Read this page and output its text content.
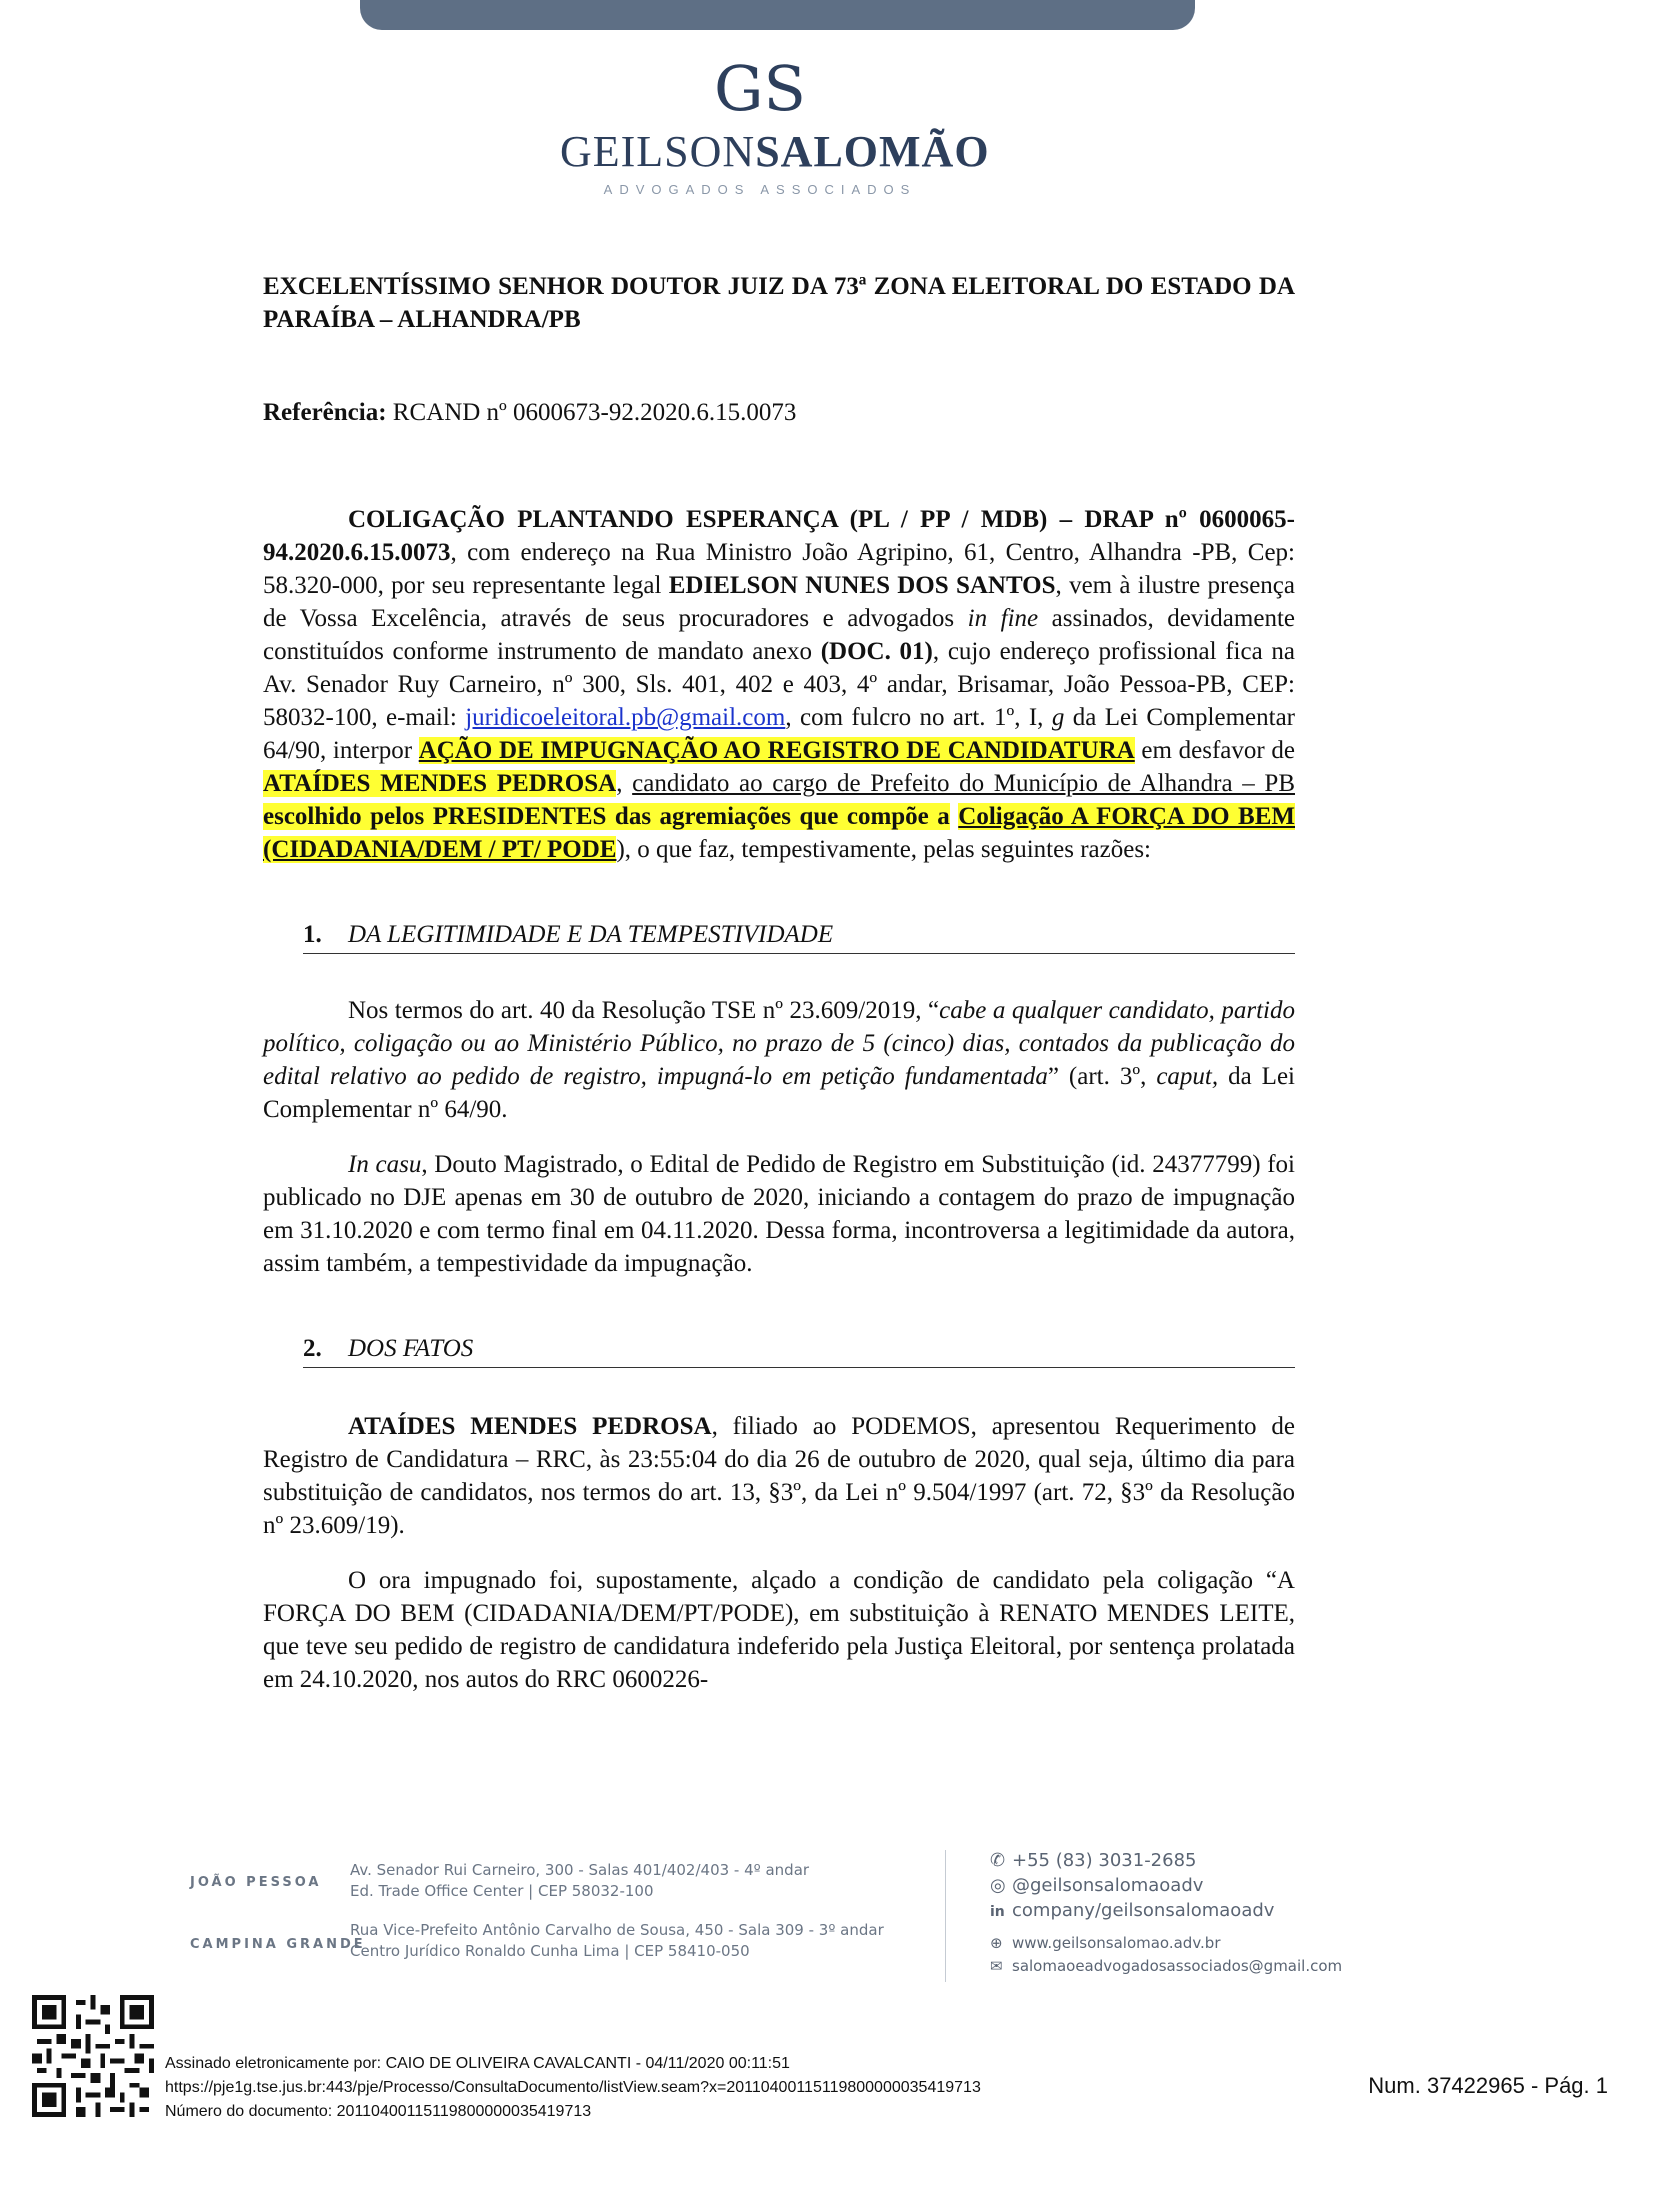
GS
GEILSONSALOMÃO
ADVOGADOS ASSOCIADOS

EXCELENTÍSSIMO SENHOR DOUTOR JUIZ DA 73ª ZONA ELEITORAL DO ESTADO DA PARAÍBA – ALHANDRA/PB

Referência: RCAND nº 0600673-92.2020.6.15.0073

COLIGAÇÃO PLANTANDO ESPERANÇA (PL / PP / MDB) – DRAP nº 0600065-94.2020.6.15.0073, com endereço na Rua Ministro João Agripino, 61, Centro, Alhandra -PB, Cep: 58.320-000, por seu representante legal EDIELSON NUNES DOS SANTOS, vem à ilustre presença de Vossa Excelência, através de seus procuradores e advogados in fine assinados, devidamente constituídos conforme instrumento de mandato anexo (DOC. 01), cujo endereço profissional fica na Av. Senador Ruy Carneiro, nº 300, Sls. 401, 402 e 403, 4º andar, Brisamar, João Pessoa-PB, CEP: 58032-100, e-mail: juridicoeleitoral.pb@gmail.com, com fulcro no art. 1º, I, g da Lei Complementar 64/90, interpor AÇÃO DE IMPUGNAÇÃO AO REGISTRO DE CANDIDATURA em desfavor de ATAÍDES MENDES PEDROSA, candidato ao cargo de Prefeito do Município de Alhandra – PB escolhido pelos PRESIDENTES das agremiações que compõe a Coligação A FORÇA DO BEM (CIDADANIA/DEM / PT/ PODE), o que faz, tempestivamente, pelas seguintes razões:

1. DA LEGITIMIDADE E DA TEMPESTIVIDADE

Nos termos do art. 40 da Resolução TSE nº 23.609/2019, “cabe a qualquer candidato, partido político, coligação ou ao Ministério Público, no prazo de 5 (cinco) dias, contados da publicação do edital relativo ao pedido de registro, impugná-lo em petição fundamentada” (art. 3º, caput, da Lei Complementar nº 64/90.

In casu, Douto Magistrado, o Edital de Pedido de Registro em Substituição (id. 24377799) foi publicado no DJE apenas em 30 de outubro de 2020, iniciando a contagem do prazo de impugnação em 31.10.2020 e com termo final em 04.11.2020. Dessa forma, incontroversa a legitimidade da autora, assim também, a tempestividade da impugnação.

2. DOS FATOS

ATAÍDES MENDES PEDROSA, filiado ao PODEMOS, apresentou Requerimento de Registro de Candidatura – RRC, às 23:55:04 do dia 26 de outubro de 2020, qual seja, último dia para substituição de candidatos, nos termos do art. 13, §3º, da Lei nº 9.504/1997 (art. 72, §3º da Resolução nº 23.609/19).

O ora impugnado foi, supostamente, alçado a condição de candidato pela coligação “A FORÇA DO BEM (CIDADANIA/DEM/PT/PODE), em substituição à RENATO MENDES LEITE, que teve seu pedido de registro de candidatura indeferido pela Justiça Eleitoral, por sentença prolatada em 24.10.2020, nos autos do RRC 0600226-

JOÃO PESSOA
Av. Senador Rui Carneiro, 300 - Salas 401/402/403 - 4º andar
Ed. Trade Office Center | CEP 58032-100
CAMPINA GRANDE
Rua Vice-Prefeito Antônio Carvalho de Sousa, 450 - Sala 309 - 3º andar
Centro Jurídico Ronaldo Cunha Lima | CEP 58410-050
✆ +55 (83) 3031-2685
◎ @geilsonsalomaoadv
in company/geilsonsalomaoadv
⊕ www.geilsonsalomao.adv.br
✉ salomaoeadvogadosassociados@gmail.com
Assinado eletronicamente por: CAIO DE OLIVEIRA CAVALCANTI - 04/11/2020 00:11:51
https://pje1g.tse.jus.br:443/pje/Processo/ConsultaDocumento/listView.seam?x=20110400115119800000035419713
Número do documento: 20110400115119800000035419713
Num. 37422965 - Pág. 1
